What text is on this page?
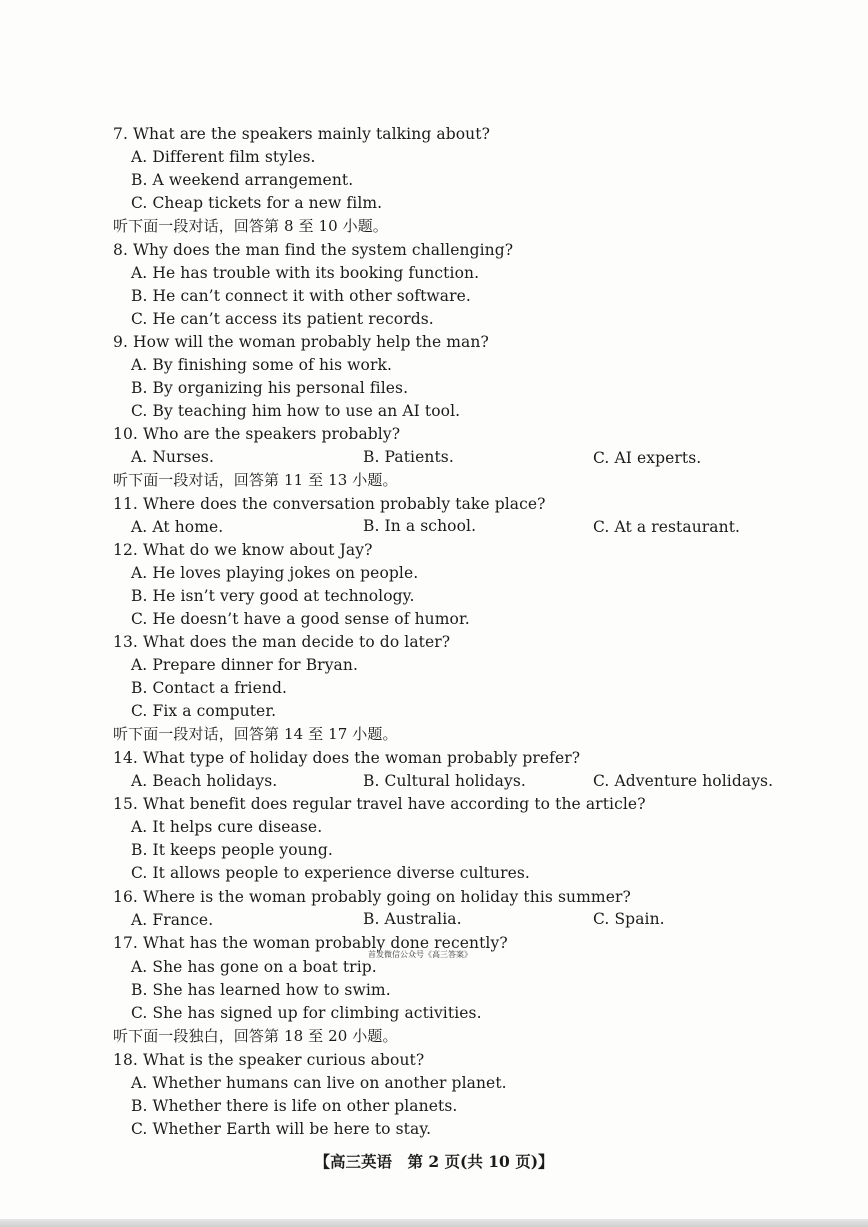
7. What are the speakers mainly talking about?
A. Different film styles.
B. A weekend arrangement.
C. Cheap tickets for a new film.
听下面一段对话，回答第 8 至 10 小题。
8. Why does the man find the system challenging?
A. He has trouble with its booking function.
B. He can’t connect it with other software.
C. He can’t access its patient records.
9. How will the woman probably help the man?
A. By finishing some of his work.
B. By organizing his personal files.
C. By teaching him how to use an AI tool.
10. Who are the speakers probably?
A. Nurses.	B. Patients.	C. AI experts.
听下面一段对话，回答第 11 至 13 小题。
11. Where does the conversation probably take place?
A. At home.	B. In a school.	C. At a restaurant.
12. What do we know about Jay?
A. He loves playing jokes on people.
B. He isn’t very good at technology.
C. He doesn’t have a good sense of humor.
13. What does the man decide to do later?
A. Prepare dinner for Bryan.
B. Contact a friend.
C. Fix a computer.
听下面一段对话，回答第 14 至 17 小题。
14. What type of holiday does the woman probably prefer?
A. Beach holidays.	B. Cultural holidays.	C. Adventure holidays.
15. What benefit does regular travel have according to the article?
A. It helps cure disease.
B. It keeps people young.
C. It allows people to experience diverse cultures.
16. Where is the woman probably going on holiday this summer?
A. France.	B. Australia.	C. Spain.
17. What has the woman probably done recently?
首发微信公众号《高三答案》
A. She has gone on a boat trip.
B. She has learned how to swim.
C. She has signed up for climbing activities.
听下面一段独白，回答第 18 至 20 小题。
18. What is the speaker curious about?
A. Whether humans can live on another planet.
B. Whether there is life on other planets.
C. Whether Earth will be here to stay.
【高三英语　第 2 页(共 10 页)】
